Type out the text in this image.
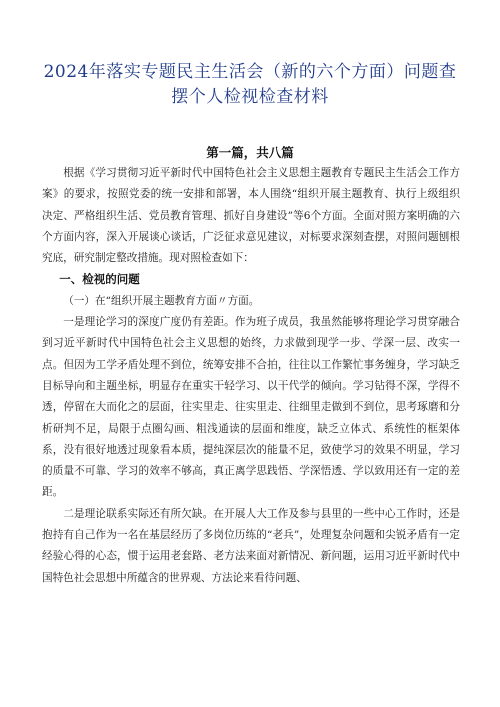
2024年落实专题民主生活会（新的六个方面）问题查摆个人检视检查材料
第一篇，共八篇

根据《学习贯彻习近平新时代中国特色社会主义思想主题教育专题民主生活会工作方案》的要求，按照党委的统一安排和部署，本人围绕“组织开展主题教育、执行上级组织决定、严格组织生活、党员教育管理、抓好自身建设”等6个方面。全面对照方案明确的六个方面内容，深入开展谈心谈话，广泛征求意见建议，对标要求深刻查摆，对照问题刨根究底，研究制定整改措施。现对照检查如下：

一、检视的问题

（一）在“组织开展主题教育方面〃方面。

一是理论学习的深度广度仍有差距。作为班子成员，我虽然能够将理论学习贯穿融合到习近平新时代中国特色社会主义思想的始终，力求做到现学一步、学深一层、改实一点。但因为工学矛盾处理不到位，统筹安排不合拍，往往以工作繁忙事务缠身，学习缺乏目标导向和主题坐标，明显存在重实干轻学习、以干代学的倾向。学习钻得不深，学得不透，停留在大而化之的层面，往实里走、往实里走、往细里走做到不到位，思考琢磨和分析研判不足，局限于点圈勾画、粗浅通读的层面和维度，缺乏立体式、系统性的框架体系，没有很好地透过现象看本质，提纯深层次的能量不足，致使学习的效果不明显，学习的质量不可靠、学习的效率不够高，真正离学思践悟、学深悟透、学以致用还有一定的差距。

二是理论联系实际还有所欠缺。在开展人大工作及参与县里的一些中心工作时，还是抱持有自己作为一名在基层经历了多岗位历练的“老兵”，处理复杂问题和尖锐矛盾有一定经验心得的心态，惯于运用老套路、老方法来面对新情况、新问题，运用习近平新时代中国特色社会思想中所蕴含的世界观、方法论来看待问题、
